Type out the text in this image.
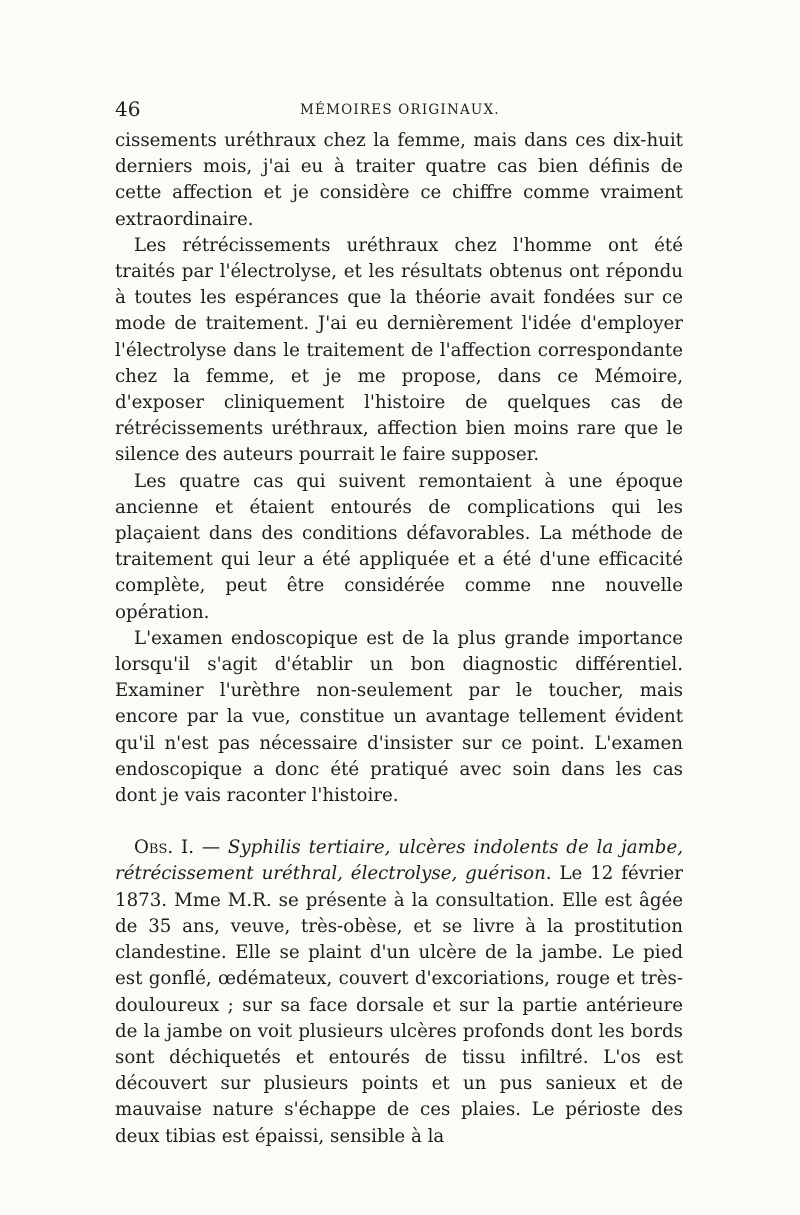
46	MÉMOIRES ORIGINAUX.

cissements uréthraux chez la femme, mais dans ces dix-huit derniers mois, j'ai eu à traiter quatre cas bien définis de cette affection et je considère ce chiffre comme vraiment extraordinaire.

Les rétrécissements uréthraux chez l'homme ont été traités par l'électrolyse, et les résultats obtenus ont répondu à toutes les espérances que la théorie avait fondées sur ce mode de traitement. J'ai eu dernièrement l'idée d'employer l'électrolyse dans le traitement de l'affection correspondante chez la femme, et je me propose, dans ce Mémoire, d'exposer cliniquement l'histoire de quelques cas de rétrécissements uréthraux, affection bien moins rare que le silence des auteurs pourrait le faire supposer.

Les quatre cas qui suivent remontaient à une époque ancienne et étaient entourés de complications qui les plaçaient dans des conditions défavorables. La méthode de traitement qui leur a été appliquée et a été d'une efficacité complète, peut être considérée comme nne nouvelle opération.

L'examen endoscopique est de la plus grande importance lorsqu'il s'agit d'établir un bon diagnostic différentiel. Examiner l'urèthre non-seulement par le toucher, mais encore par la vue, constitue un avantage tellement évident qu'il n'est pas nécessaire d'insister sur ce point. L'examen endoscopique a donc été pratiqué avec soin dans les cas dont je vais raconter l'histoire.

Obs. I. — Syphilis tertiaire, ulcères indolents de la jambe, rétrécissement uréthral, électrolyse, guérison. Le 12 février 1873. Mme M.R. se présente à la consultation. Elle est âgée de 35 ans, veuve, très-obèse, et se livre à la prostitution clandestine. Elle se plaint d'un ulcère de la jambe. Le pied est gonflé, œdémateux, couvert d'excoriations, rouge et très-douloureux ; sur sa face dorsale et sur la partie antérieure de la jambe on voit plusieurs ulcères profonds dont les bords sont déchiquetés et entourés de tissu infiltré. L'os est découvert sur plusieurs points et un pus sanieux et de mauvaise nature s'échappe de ces plaies. Le périoste des deux tibias est épaissi, sensible à la
